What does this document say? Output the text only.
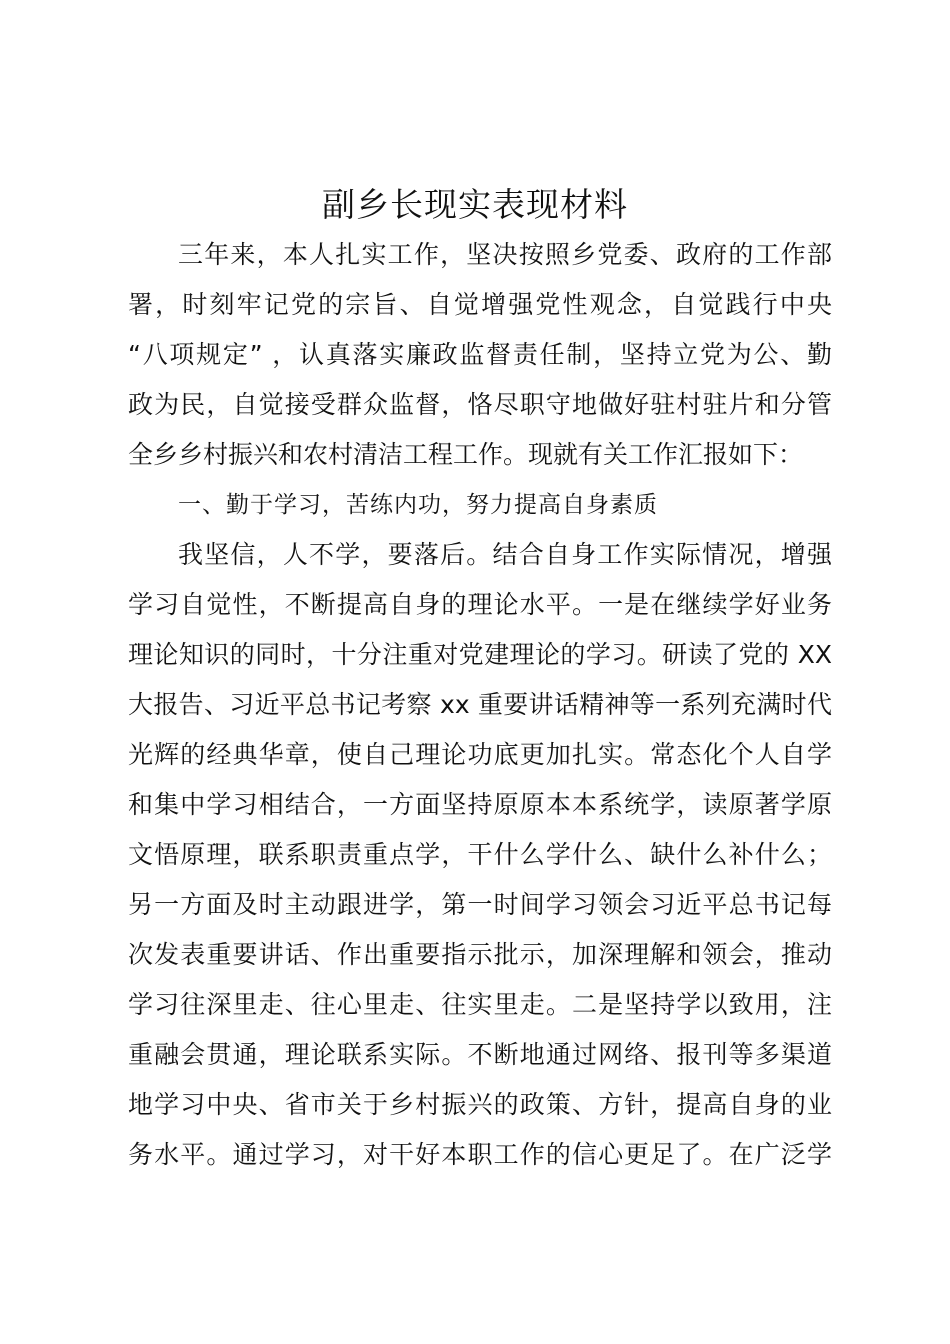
副乡长现实表现材料

三年来，本人扎实工作，坚决按照乡党委、政府的工作部

署，时刻牢记党的宗旨、自觉增强党性观念，自觉践行中央

“八项规定” ，认真落实廉政监督责任制，坚持立党为公、勤

政为民，自觉接受群众监督，恪尽职守地做好驻村驻片和分管

全乡乡村振兴和农村清洁工程工作。现就有关工作汇报如下：

一、勤于学习，苦练内功，努力提高自身素质

我坚信，人不学，要落后。结合自身工作实际情况，增强

学习自觉性，不断提高自身的理论水平。一是在继续学好业务

理论知识的同时，十分注重对党建理论的学习。研读了党的 XX

大报告、习近平总书记考察 xx 重要讲话精神等一系列充满时代

光辉的经典华章，使自己理论功底更加扎实。常态化个人自学

和集中学习相结合，一方面坚持原原本本系统学，读原著学原

文悟原理，联系职责重点学，干什么学什么、缺什么补什么；

另一方面及时主动跟进学，第一时间学习领会习近平总书记每

次发表重要讲话、作出重要指示批示，加深理解和领会，推动

学习往深里走、往心里走、往实里走。二是坚持学以致用，注

重融会贯通，理论联系实际。不断地通过网络、报刊等多渠道

地学习中央、省市关于乡村振兴的政策、方针，提高自身的业

务水平。通过学习，对干好本职工作的信心更足了。在广泛学
